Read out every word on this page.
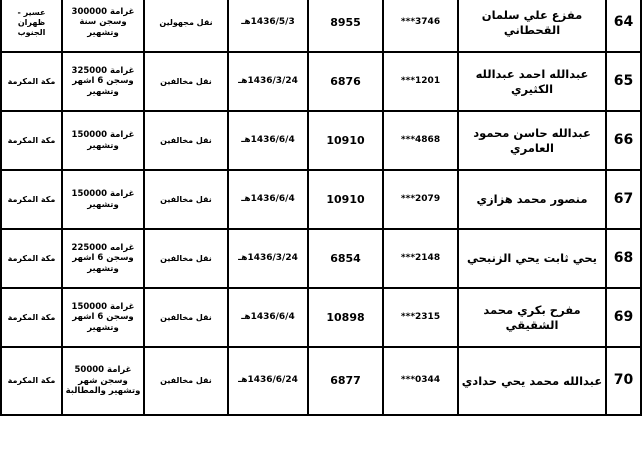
64	مفزع علي سلمان القحطاني	3746***	8955	1436/5/3هـ	نقل مجهولين	غرامة 300000
وسجن سنة
وتشهير	عسير -
ظهران الجنوب

65	عبدالله احمد عبدالله الكثيري	1201***	6876	1436/3/24هـ	نقل مخالفين	غرامة 325000
وسجن 6 اشهر
وتشهير	مكة المكرمة

66	عبدالله حاسن محمود العامري	4868***	10910	1436/6/4هـ	نقل مخالفين	غرامة 150000
وتشهير	مكة المكرمة

67	منصور محمد هزازي	2079***	10910	1436/6/4هـ	نقل مخالفين	غرامة 150000
وتشهير	مكة المكرمة

68	يحي ثابت يحي الزنبحي	2148***	6854	1436/3/24هـ	نقل مخالفين	غرامه 225000
وسجن 6 اشهر
وتشهير	مكة المكرمة

69	مفرح بكري محمد الشقيقي	2315***	10898	1436/6/4هـ	نقل مخالفين	غرامة 150000
وسجن 6 اشهر
وتشهير	مكة المكرمة

70	عبدالله محمد يحي حدادي	0344***	6877	1436/6/24هـ	نقل مخالفين	غرامة 50000
وسجن شهر
وتشهير والمطالبة	مكة المكرمة
